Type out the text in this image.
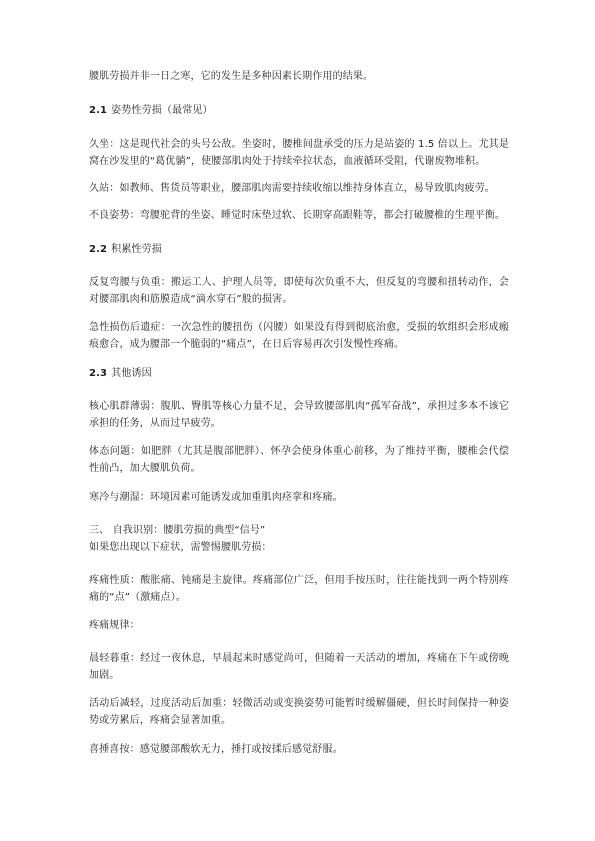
腰肌劳损并非一日之寒，它的发生是多种因素长期作用的结果。

2.1 姿势性劳损（最常见）

久坐：这是现代社会的头号公敌。坐姿时，腰椎间盘承受的压力是站姿的 1.5 倍以上。尤其是窝在沙发里的“葛优躺”，使腰部肌肉处于持续牵拉状态，血液循环受阻，代谢废物堆积。

久站：如教师、售货员等职业，腰部肌肉需要持续收缩以维持身体直立，易导致肌肉疲劳。

不良姿势：弯腰驼背的坐姿、睡觉时床垫过软、长期穿高跟鞋等，都会打破腰椎的生理平衡。

2.2 积累性劳损

反复弯腰与负重：搬运工人、护理人员等，即使每次负重不大，但反复的弯腰和扭转动作，会对腰部肌肉和筋膜造成“滴水穿石”般的损害。

急性损伤后遗症：一次急性的腰扭伤（闪腰）如果没有得到彻底治愈，受损的软组织会形成瘢痕愈合，成为腰部一个脆弱的“痛点”，在日后容易再次引发慢性疼痛。

2.3 其他诱因

核心肌群薄弱：腹肌、臀肌等核心力量不足，会导致腰部肌肉“孤军奋战”，承担过多本不该它承担的任务，从而过早疲劳。

体态问题：如肥胖（尤其是腹部肥胖）、怀孕会使身体重心前移，为了维持平衡，腰椎会代偿性前凸，加大腰肌负荷。

寒冷与潮湿：环境因素可能诱发或加重肌肉痉挛和疼痛。

三、 自我识别：腰肌劳损的典型“信号”

如果您出现以下症状，需警惕腰肌劳损：

疼痛性质：酸胀痛、钝痛是主旋律。疼痛部位广泛，但用手按压时，往往能找到一两个特别疼痛的“点”（激痛点）。

疼痛规律：

晨轻暮重：经过一夜休息，早晨起来时感觉尚可，但随着一天活动的增加，疼痛在下午或傍晚加剧。

活动后减轻，过度活动后加重：轻微活动或变换姿势可能暂时缓解僵硬，但长时间保持一种姿势或劳累后，疼痛会显著加重。

喜捶喜按：感觉腰部酸软无力，捶打或按揉后感觉舒服。
